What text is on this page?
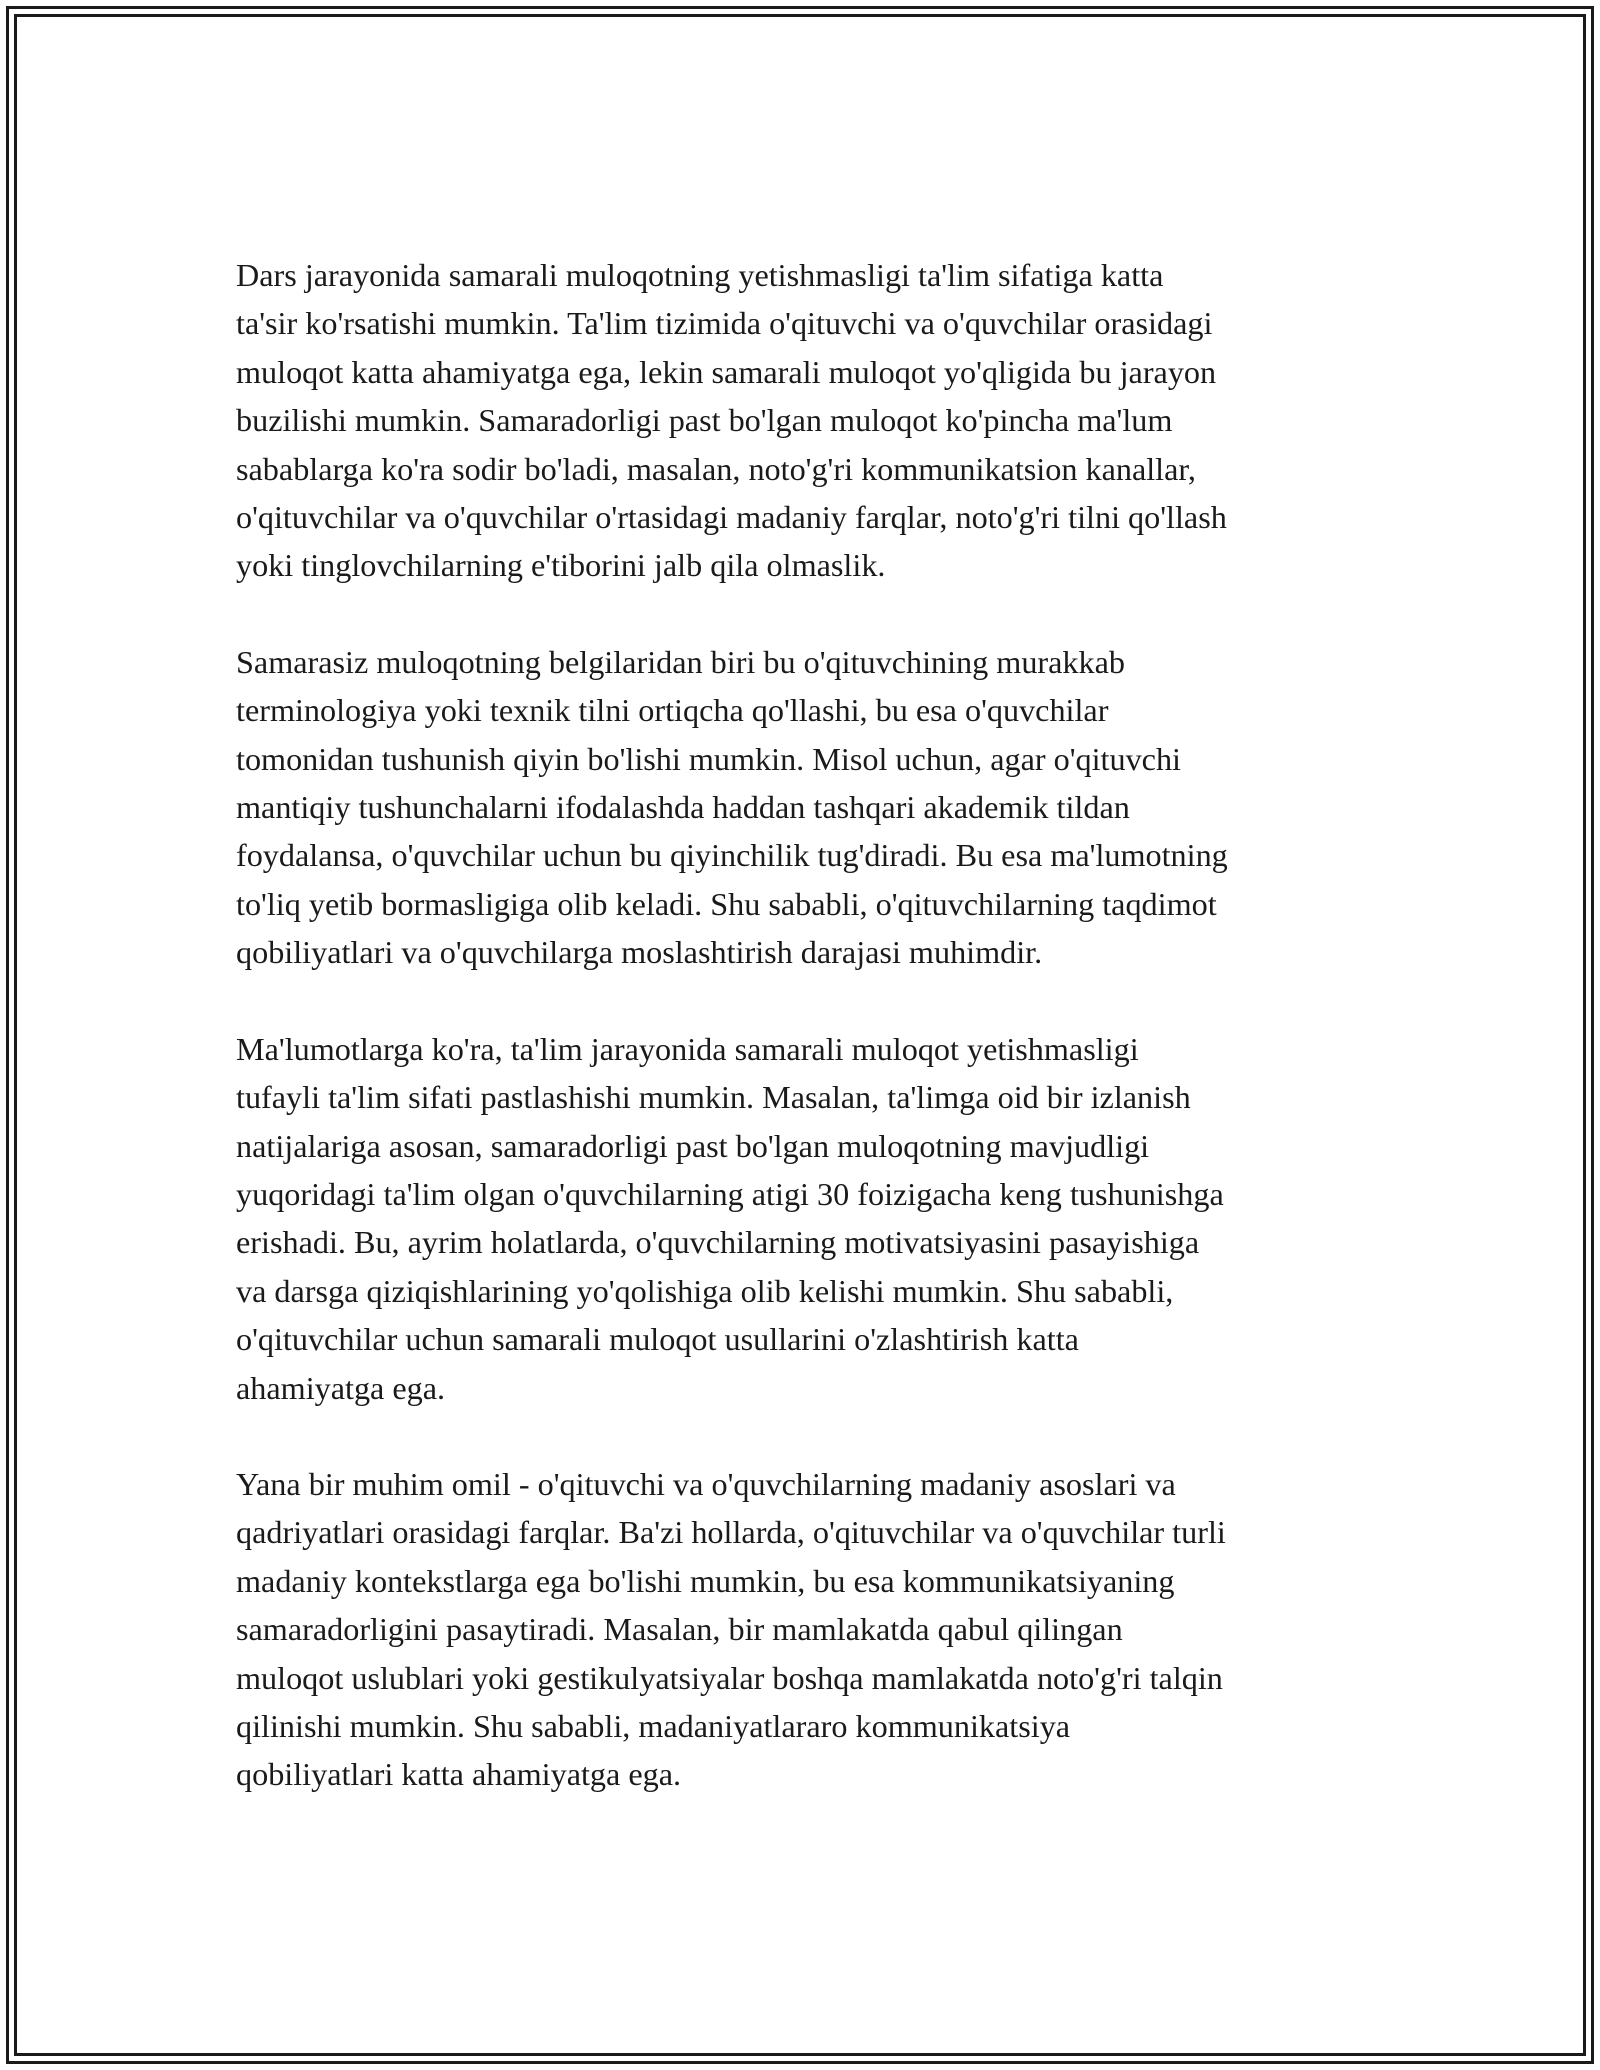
Dars jarayonida samarali muloqotning yetishmasligi ta'lim sifatiga katta
ta'sir ko'rsatishi mumkin. Ta'lim tizimida o'qituvchi va o'quvchilar orasidagi
muloqot katta ahamiyatga ega, lekin samarali muloqot yo'qligida bu jarayon
buzilishi mumkin. Samaradorligi past bo'lgan muloqot ko'pincha ma'lum
sabablarga ko'ra sodir bo'ladi, masalan, noto'g'ri kommunikatsion kanallar,
o'qituvchilar va o'quvchilar o'rtasidagi madaniy farqlar, noto'g'ri tilni qo'llash
yoki tinglovchilarning e'tiborini jalb qila olmaslik.

Samarasiz muloqotning belgilaridan biri bu o'qituvchining murakkab
terminologiya yoki texnik tilni ortiqcha qo'llashi, bu esa o'quvchilar
tomonidan tushunish qiyin bo'lishi mumkin. Misol uchun, agar o'qituvchi
mantiqiy tushunchalarni ifodalashda haddan tashqari akademik tildan
foydalansa, o'quvchilar uchun bu qiyinchilik tug'diradi. Bu esa ma'lumotning
to'liq yetib bormasligiga olib keladi. Shu sababli, o'qituvchilarning taqdimot
qobiliyatlari va o'quvchilarga moslashtirish darajasi muhimdir.

Ma'lumotlarga ko'ra, ta'lim jarayonida samarali muloqot yetishmasligi
tufayli ta'lim sifati pastlashishi mumkin. Masalan, ta'limga oid bir izlanish
natijalariga asosan, samaradorligi past bo'lgan muloqotning mavjudligi
yuqoridagi ta'lim olgan o'quvchilarning atigi 30 foizigacha keng tushunishga
erishadi. Bu, ayrim holatlarda, o'quvchilarning motivatsiyasini pasayishiga
va darsga qiziqishlarining yo'qolishiga olib kelishi mumkin. Shu sababli,
o'qituvchilar uchun samarali muloqot usullarini o'zlashtirish katta
ahamiyatga ega.

Yana bir muhim omil - o'qituvchi va o'quvchilarning madaniy asoslari va
qadriyatlari orasidagi farqlar. Ba'zi hollarda, o'qituvchilar va o'quvchilar turli
madaniy kontekstlarga ega bo'lishi mumkin, bu esa kommunikatsiyaning
samaradorligini pasaytiradi. Masalan, bir mamlakatda qabul qilingan
muloqot uslublari yoki gestikulyatsiyalar boshqa mamlakatda noto'g'ri talqin
qilinishi mumkin. Shu sababli, madaniyatlararo kommunikatsiya
qobiliyatlari katta ahamiyatga ega.
